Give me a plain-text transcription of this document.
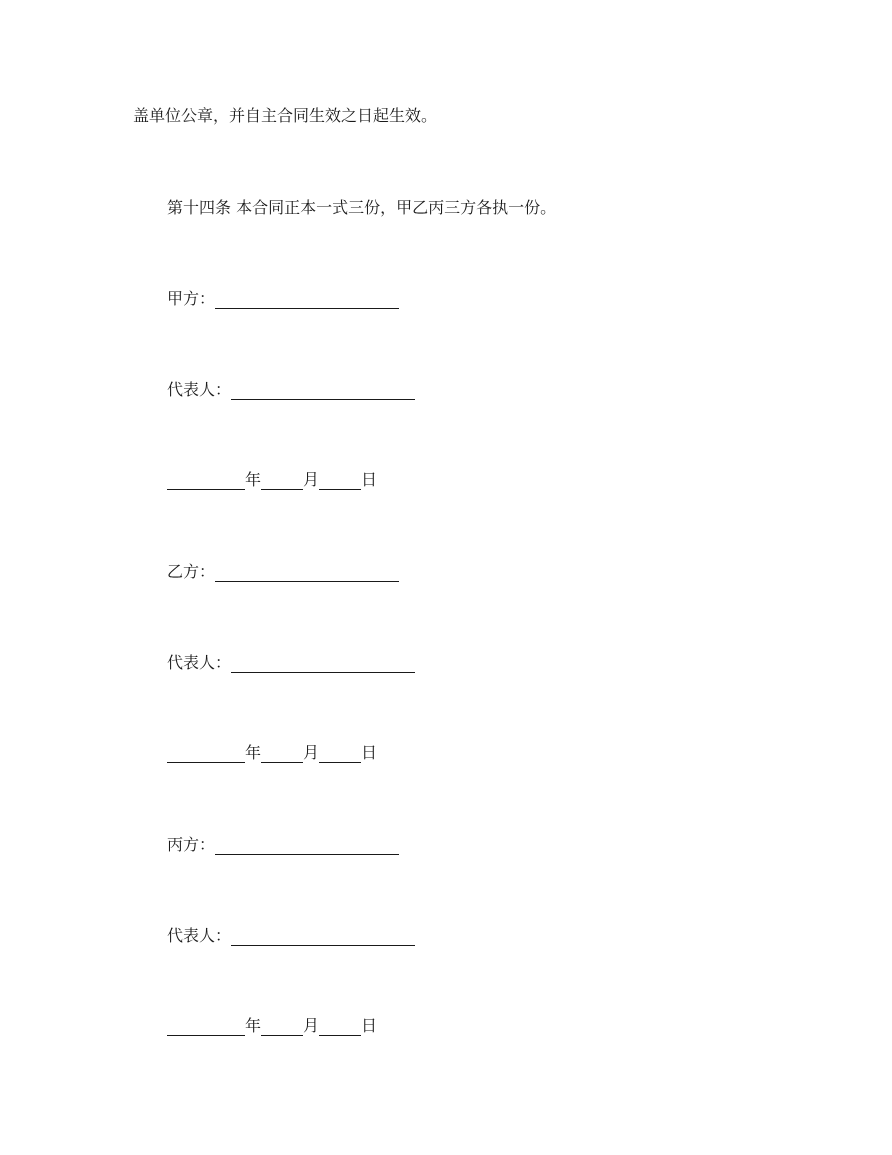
盖单位公章，并自主合同生效之日起生效。
第十四条 本合同正本一式三份，甲乙丙三方各执一份。
甲方：
代表人：
年	月	日
乙方：
代表人：
年	月	日
丙方：
代表人：
年	月	日
